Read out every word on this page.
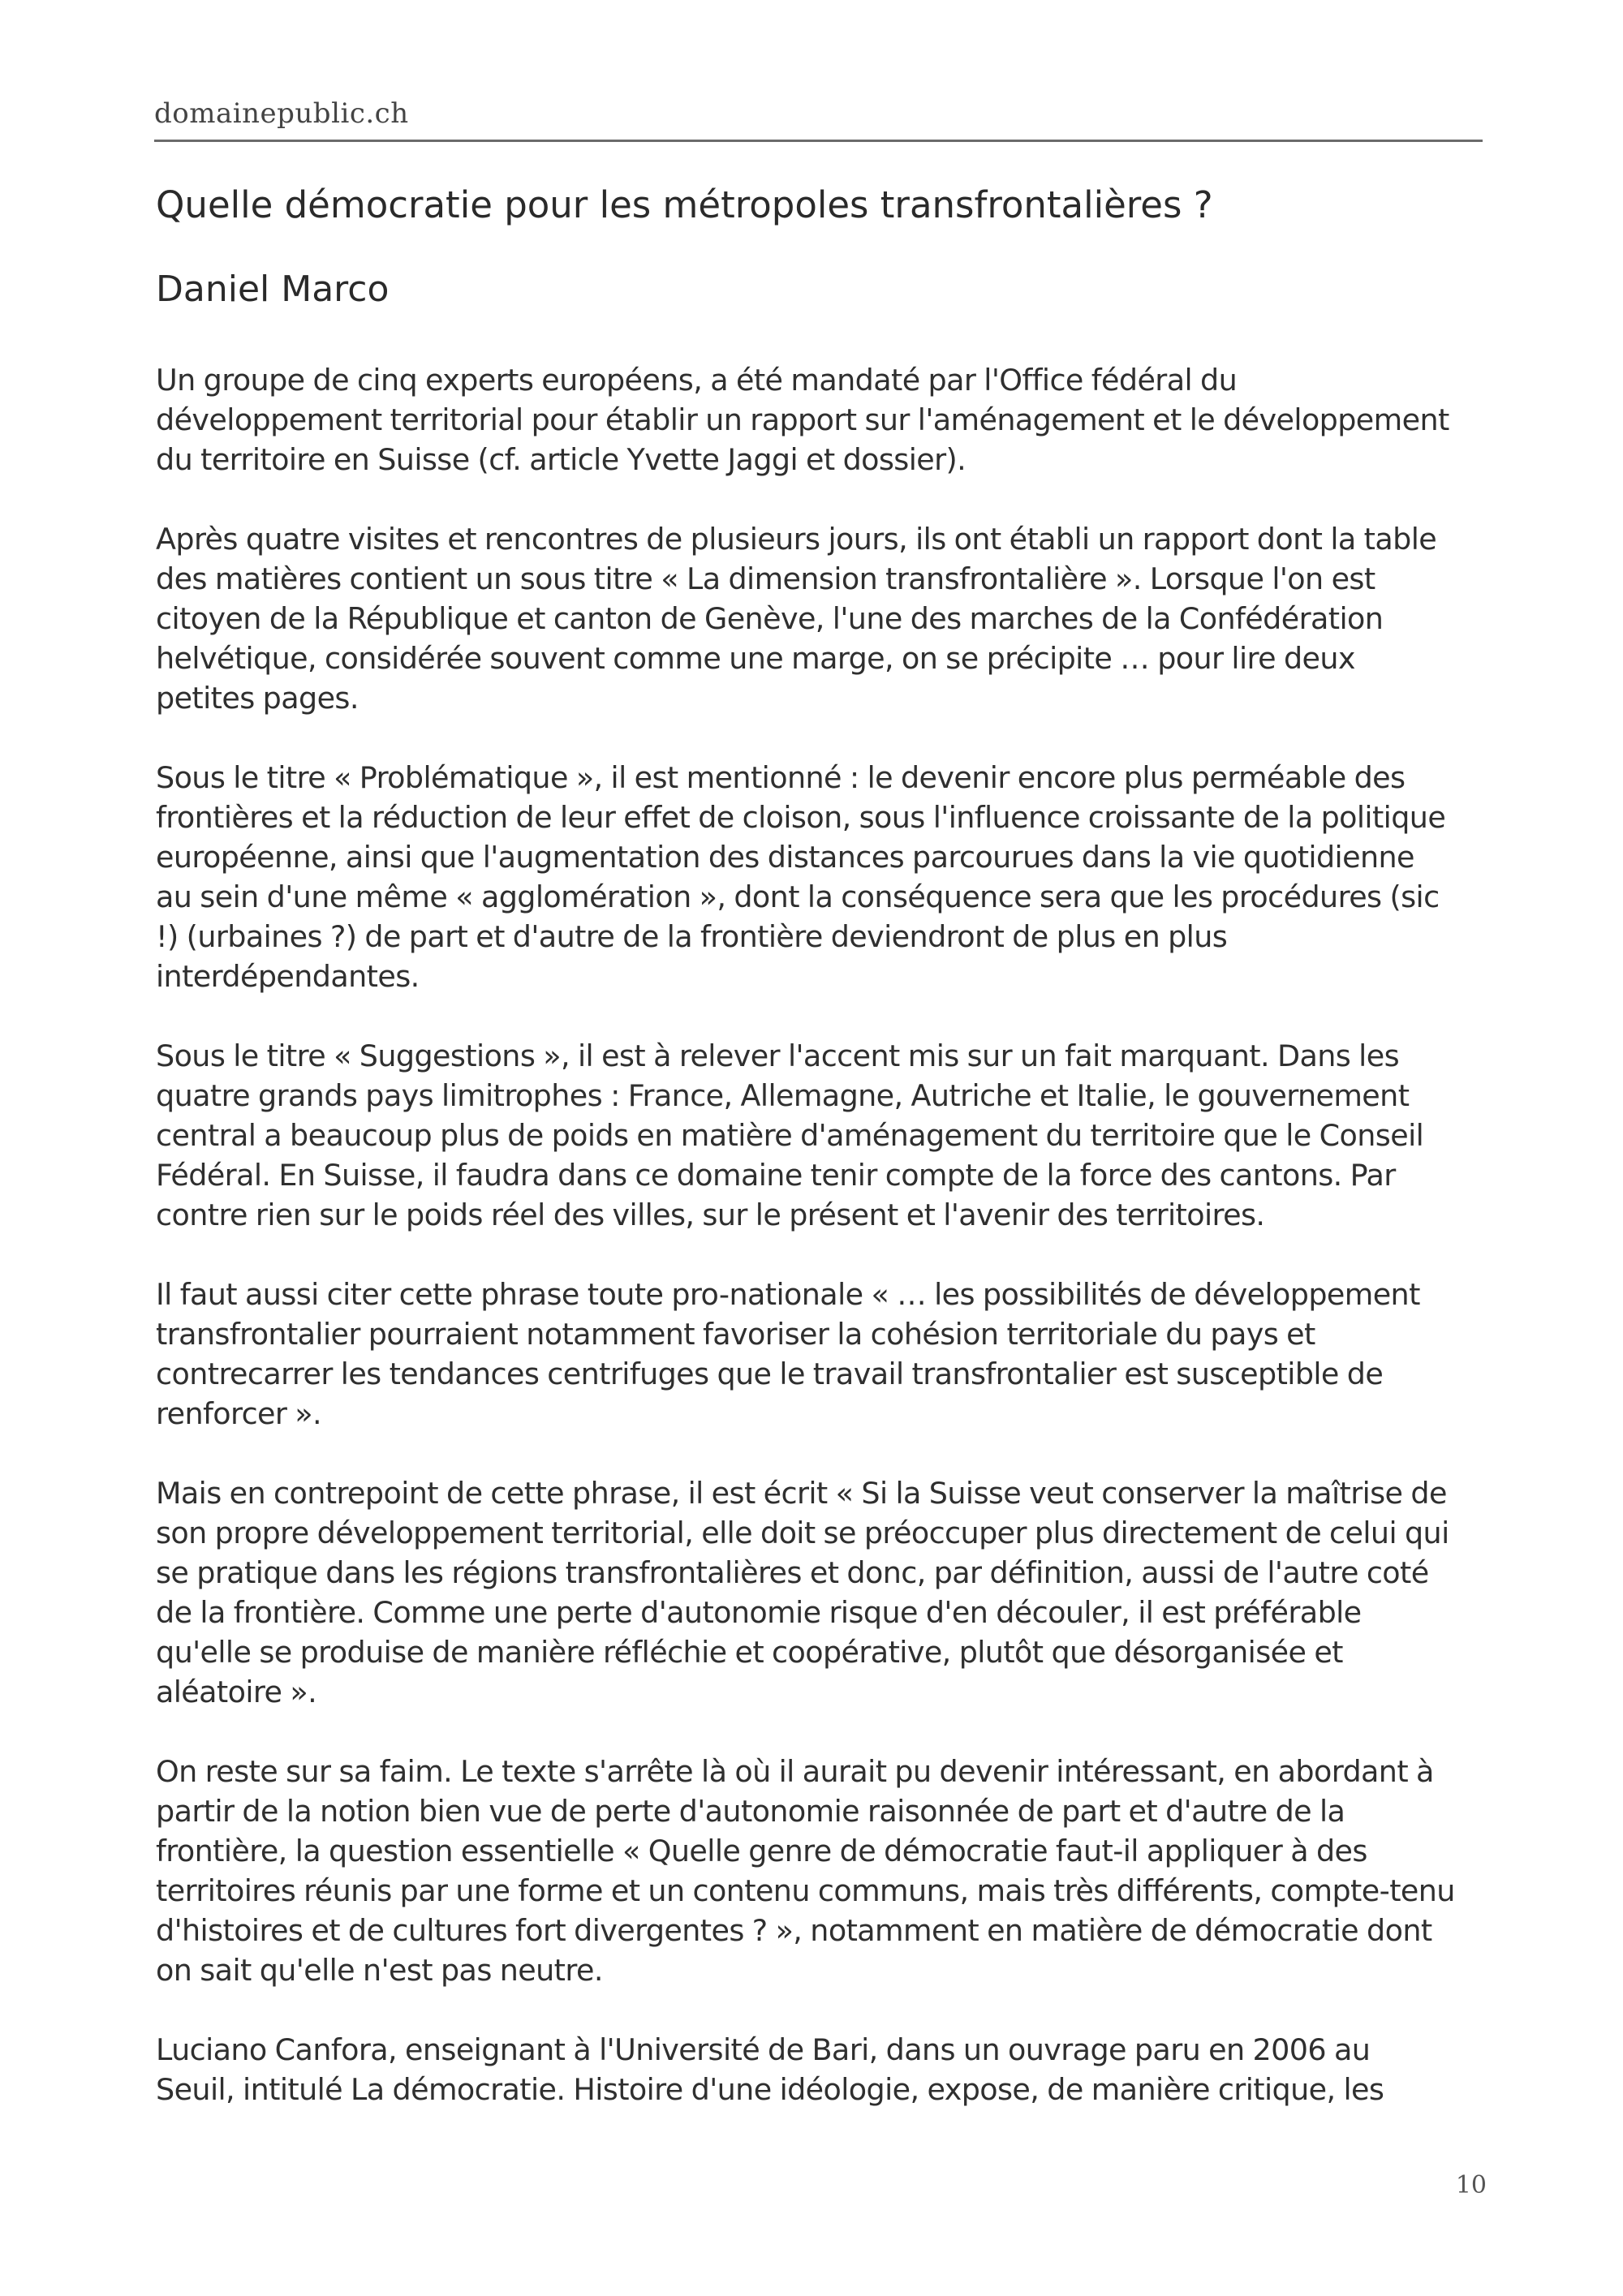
domainepublic.ch
Quelle démocratie pour les métropoles transfrontalières ?
Daniel Marco

Un groupe de cinq experts européens, a été mandaté par l'Office fédéral du
développement territorial pour établir un rapport sur l'aménagement et le développement
du territoire en Suisse (cf. article Yvette Jaggi et dossier).

Après quatre visites et rencontres de plusieurs jours, ils ont établi un rapport dont la table
des matières contient un sous titre « La dimension transfrontalière ». Lorsque l'on est
citoyen de la République et canton de Genève, l'une des marches de la Confédération
helvétique, considérée souvent comme une marge, on se précipite … pour lire deux
petites pages.

Sous le titre « Problématique », il est mentionné : le devenir encore plus perméable des
frontières et la réduction de leur effet de cloison, sous l'influence croissante de la politique
européenne, ainsi que l'augmentation des distances parcourues dans la vie quotidienne
au sein d'une même « agglomération », dont la conséquence sera que les procédures (sic
!) (urbaines ?) de part et d'autre de la frontière deviendront de plus en plus
interdépendantes.

Sous le titre « Suggestions », il est à relever l'accent mis sur un fait marquant. Dans les
quatre grands pays limitrophes : France, Allemagne, Autriche et Italie, le gouvernement
central a beaucoup plus de poids en matière d'aménagement du territoire que le Conseil
Fédéral. En Suisse, il faudra dans ce domaine tenir compte de la force des cantons. Par
contre rien sur le poids réel des villes, sur le présent et l'avenir des territoires.

Il faut aussi citer cette phrase toute pro-nationale « … les possibilités de développement
transfrontalier pourraient notamment favoriser la cohésion territoriale du pays et
contrecarrer les tendances centrifuges que le travail transfrontalier est susceptible de
renforcer ».

Mais en contrepoint de cette phrase, il est écrit « Si la Suisse veut conserver la maîtrise de
son propre développement territorial, elle doit se préoccuper plus directement de celui qui
se pratique dans les régions transfrontalières et donc, par définition, aussi de l'autre coté
de la frontière. Comme une perte d'autonomie risque d'en découler, il est préférable
qu'elle se produise de manière réfléchie et coopérative, plutôt que désorganisée et
aléatoire ».

On reste sur sa faim. Le texte s'arrête là où il aurait pu devenir intéressant, en abordant à
partir de la notion bien vue de perte d'autonomie raisonnée de part et d'autre de la
frontière, la question essentielle « Quelle genre de démocratie faut-il appliquer à des
territoires réunis par une forme et un contenu communs, mais très différents, compte-tenu
d'histoires et de cultures fort divergentes ? », notamment en matière de démocratie dont
on sait qu'elle n'est pas neutre.

Luciano Canfora, enseignant à l'Université de Bari, dans un ouvrage paru en 2006 au
Seuil, intitulé La démocratie. Histoire d'une idéologie, expose, de manière critique, les

10
